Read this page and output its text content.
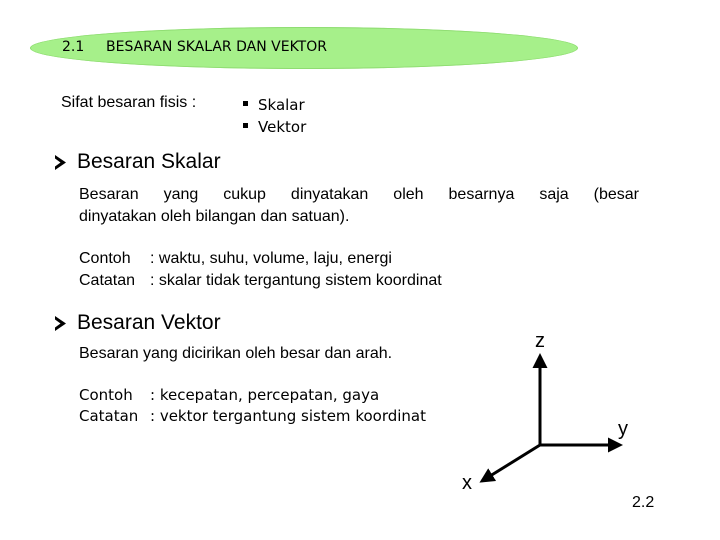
2.1 BESARAN SKALAR DAN VEKTOR
Sifat besaran fisis :	Skalar
Vektor
Besaran Skalar
Besaran yang cukup dinyatakan oleh besarnya saja (besar
dinyatakan oleh bilangan dan satuan).
Contoh : waktu, suhu, volume, laju, energi
Catatan : skalar tidak tergantung sistem koordinat
Besaran Vektor
Besaran yang dicirikan oleh besar dan arah.
Contoh : kecepatan, percepatan, gaya
Catatan : vektor tergantung sistem koordinat
z
y
x
2.2
